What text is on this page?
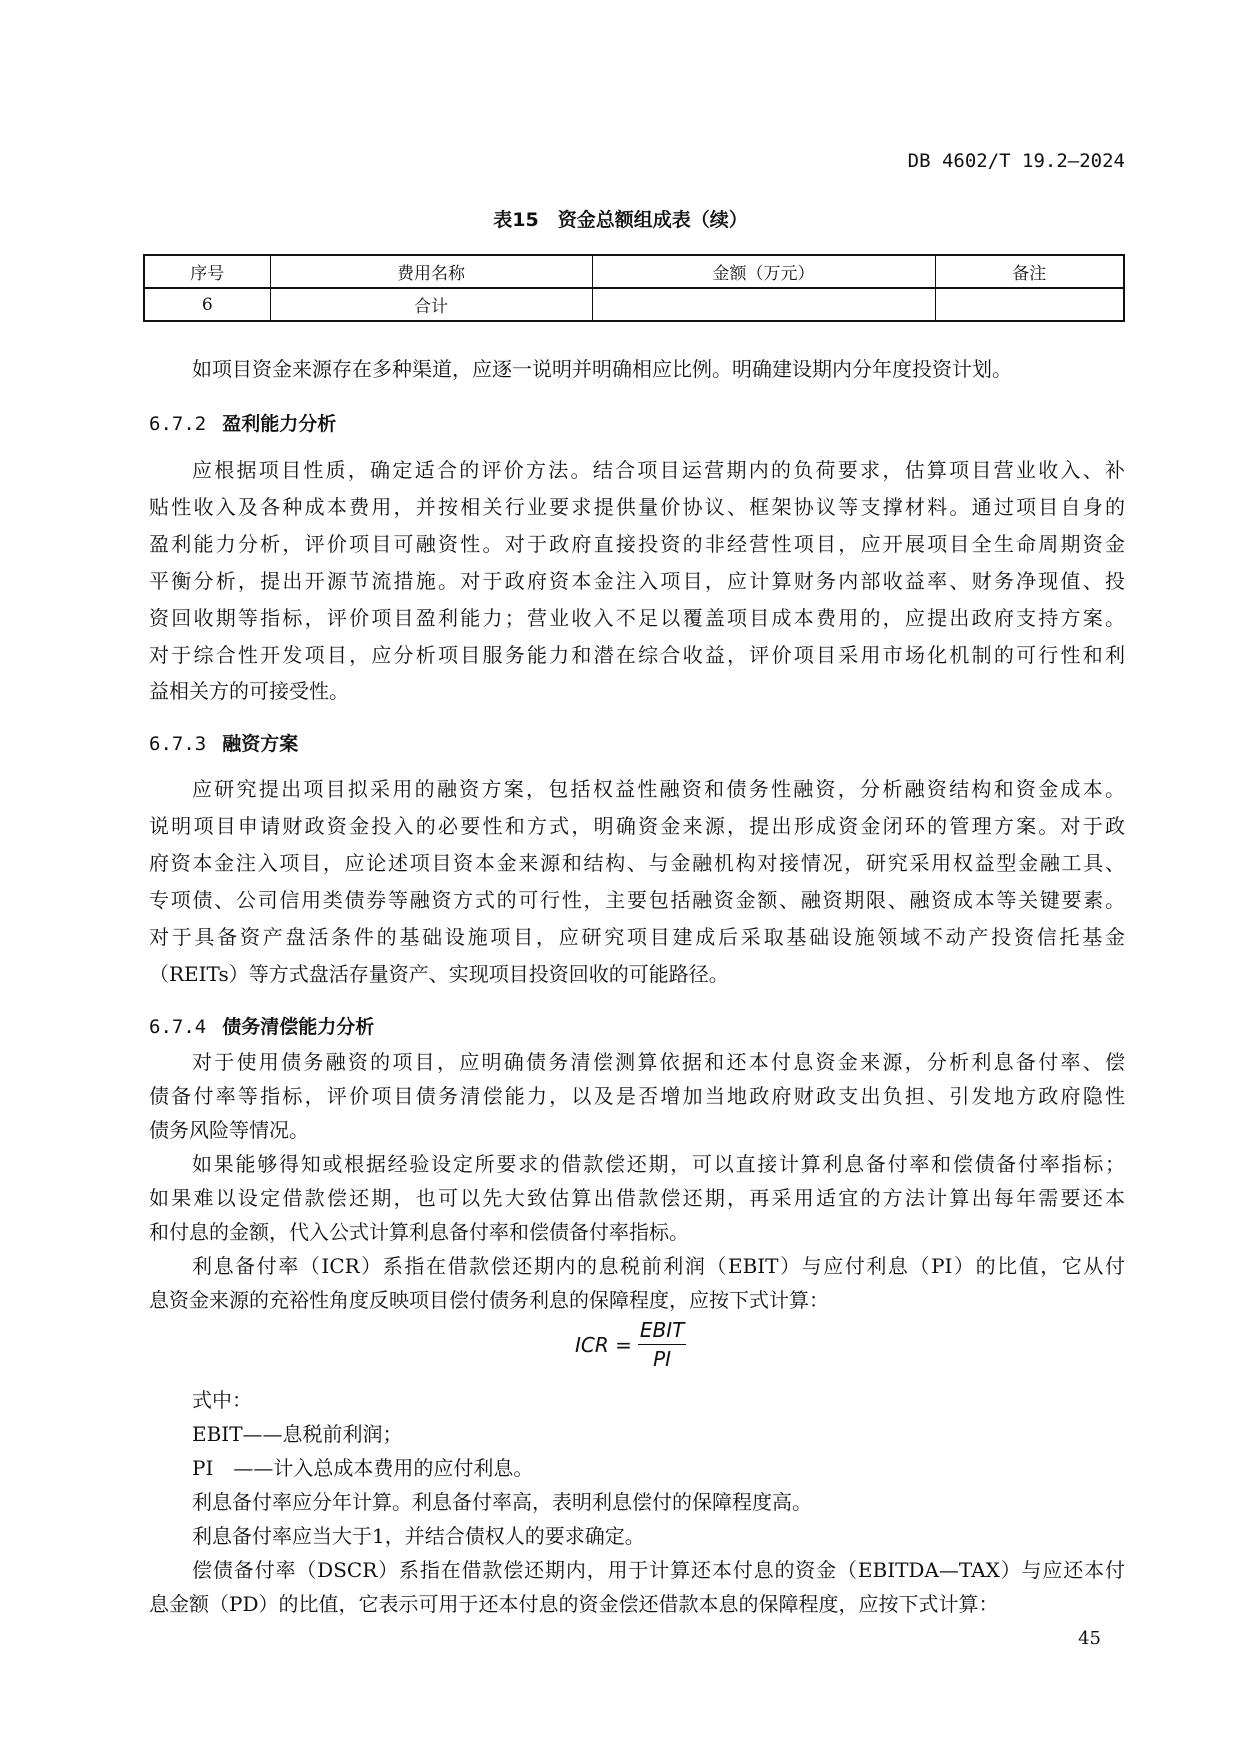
DB 4602/T 19.2—2024
表15　资金总额组成表（续）
序号	费用名称	金额（万元）	备注
6	合计		
如项目资金来源存在多种渠道，应逐一说明并明确相应比例。明确建设期内分年度投资计划。
6.7.2 盈利能力分析
应根据项目性质，确定适合的评价方法。结合项目运营期内的负荷要求，估算项目营业收入、补
贴性收入及各种成本费用，并按相关行业要求提供量价协议、框架协议等支撑材料。通过项目自身的
盈利能力分析，评价项目可融资性。对于政府直接投资的非经营性项目，应开展项目全生命周期资金
平衡分析，提出开源节流措施。对于政府资本金注入项目，应计算财务内部收益率、财务净现值、投
资回收期等指标，评价项目盈利能力；营业收入不足以覆盖项目成本费用的，应提出政府支持方案。
对于综合性开发项目，应分析项目服务能力和潜在综合收益，评价项目采用市场化机制的可行性和利
益相关方的可接受性。
6.7.3 融资方案
应研究提出项目拟采用的融资方案，包括权益性融资和债务性融资，分析融资结构和资金成本。
说明项目申请财政资金投入的必要性和方式，明确资金来源，提出形成资金闭环的管理方案。对于政
府资本金注入项目，应论述项目资本金来源和结构、与金融机构对接情况，研究采用权益型金融工具、
专项债、公司信用类债券等融资方式的可行性，主要包括融资金额、融资期限、融资成本等关键要素。
对于具备资产盘活条件的基础设施项目，应研究项目建成后采取基础设施领域不动产投资信托基金
（REITs）等方式盘活存量资产、实现项目投资回收的可能路径。
6.7.4 债务清偿能力分析
对于使用债务融资的项目，应明确债务清偿测算依据和还本付息资金来源，分析利息备付率、偿
债备付率等指标，评价项目债务清偿能力，以及是否增加当地政府财政支出负担、引发地方政府隐性
债务风险等情况。
如果能够得知或根据经验设定所要求的借款偿还期，可以直接计算利息备付率和偿债备付率指标；
如果难以设定借款偿还期，也可以先大致估算出借款偿还期，再采用适宜的方法计算出每年需要还本
和付息的金额，代入公式计算利息备付率和偿债备付率指标。
利息备付率（ICR）系指在借款偿还期内的息税前利润（EBIT）与应付利息（PI）的比值，它从付
息资金来源的充裕性角度反映项目偿付债务利息的保障程度，应按下式计算：
式中：
EBIT——息税前利润；
PI　——计入总成本费用的应付利息。
利息备付率应分年计算。利息备付率高，表明利息偿付的保障程度高。
利息备付率应当大于1，并结合债权人的要求确定。
偿债备付率（DSCR）系指在借款偿还期内，用于计算还本付息的资金（EBITDA—TAX）与应还本付
息金额（PD）的比值，它表示可用于还本付息的资金偿还借款本息的保障程度，应按下式计算：
ICR = $\frac{\text{EBIT}}{PI}$
45
